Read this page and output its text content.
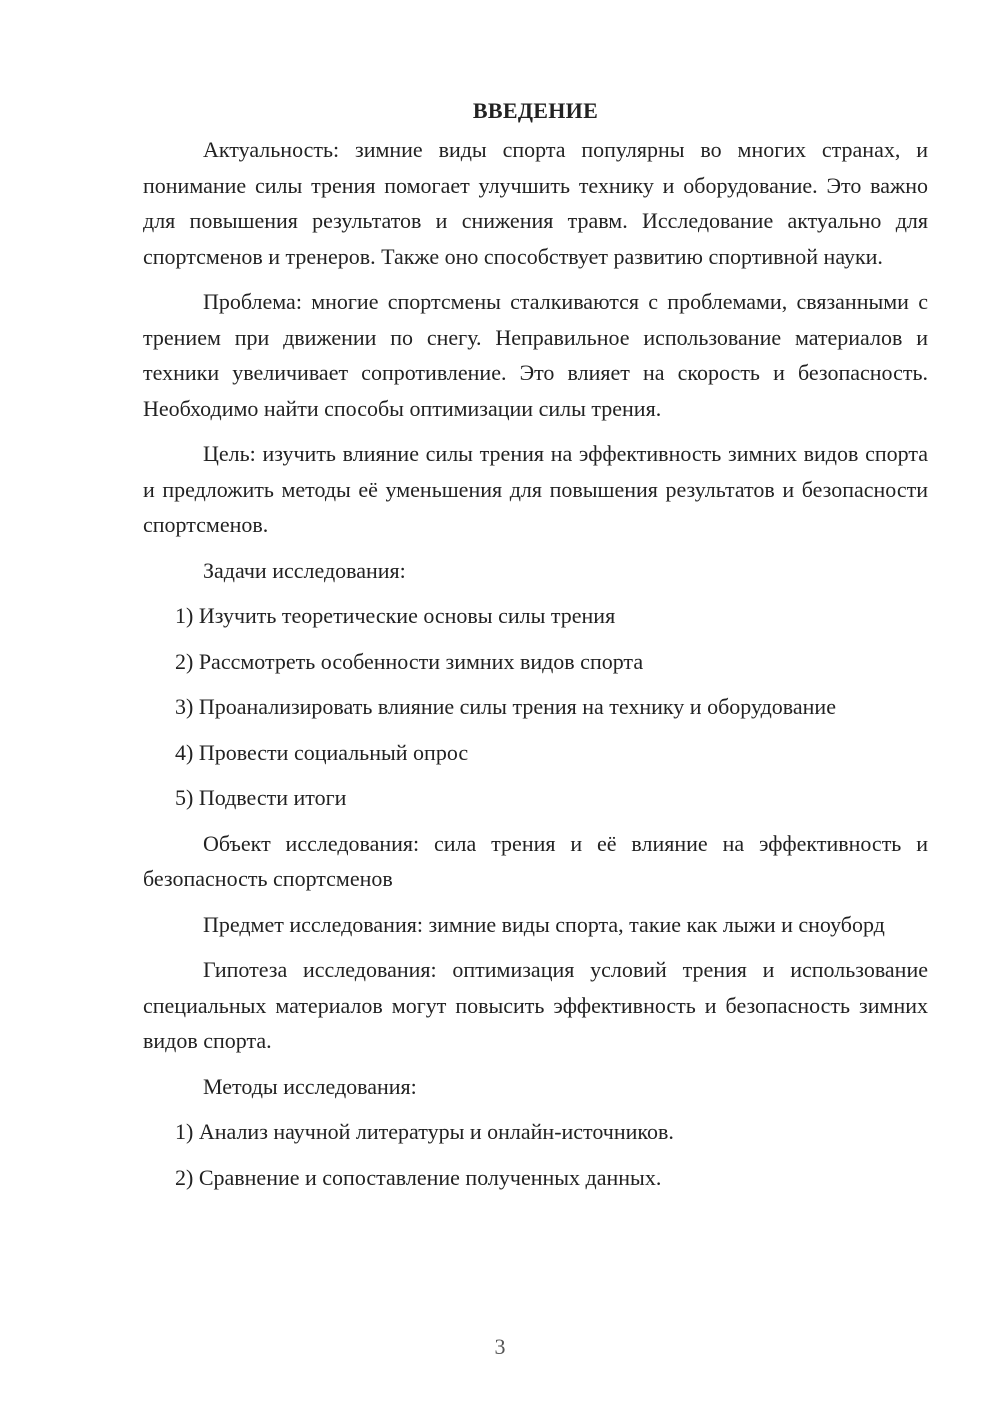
ВВЕДЕНИЕ

Актуальность: зимние виды спорта популярны во многих странах, и понимание силы трения помогает улучшить технику и оборудование. Это важно для повышения результатов и снижения травм. Исследование актуально для спортсменов и тренеров. Также оно способствует развитию спортивной науки.

Проблема: многие спортсмены сталкиваются с проблемами, связанными с трением при движении по снегу. Неправильное использование материалов и техники увеличивает сопротивление. Это влияет на скорость и безопасность. Необходимо найти способы оптимизации силы трения.

Цель: изучить влияние силы трения на эффективность зимних видов спорта и предложить методы её уменьшения для повышения результатов и безопасности спортсменов.

Задачи исследования:

1) Изучить теоретические основы силы трения
2) Рассмотреть особенности зимних видов спорта
3) Проанализировать влияние силы трения на технику и оборудование
4) Провести социальный опрос
5) Подвести итоги

Объект исследования: сила трения и её влияние на эффективность и безопасность спортсменов

Предмет исследования: зимние виды спорта, такие как лыжи и сноуборд

Гипотеза исследования: оптимизация условий трения и использование специальных материалов могут повысить эффективность и безопасность зимних видов спорта.

Методы исследования:

1) Анализ научной литературы и онлайн-источников.
2) Сравнение и сопоставление полученных данных.
3
